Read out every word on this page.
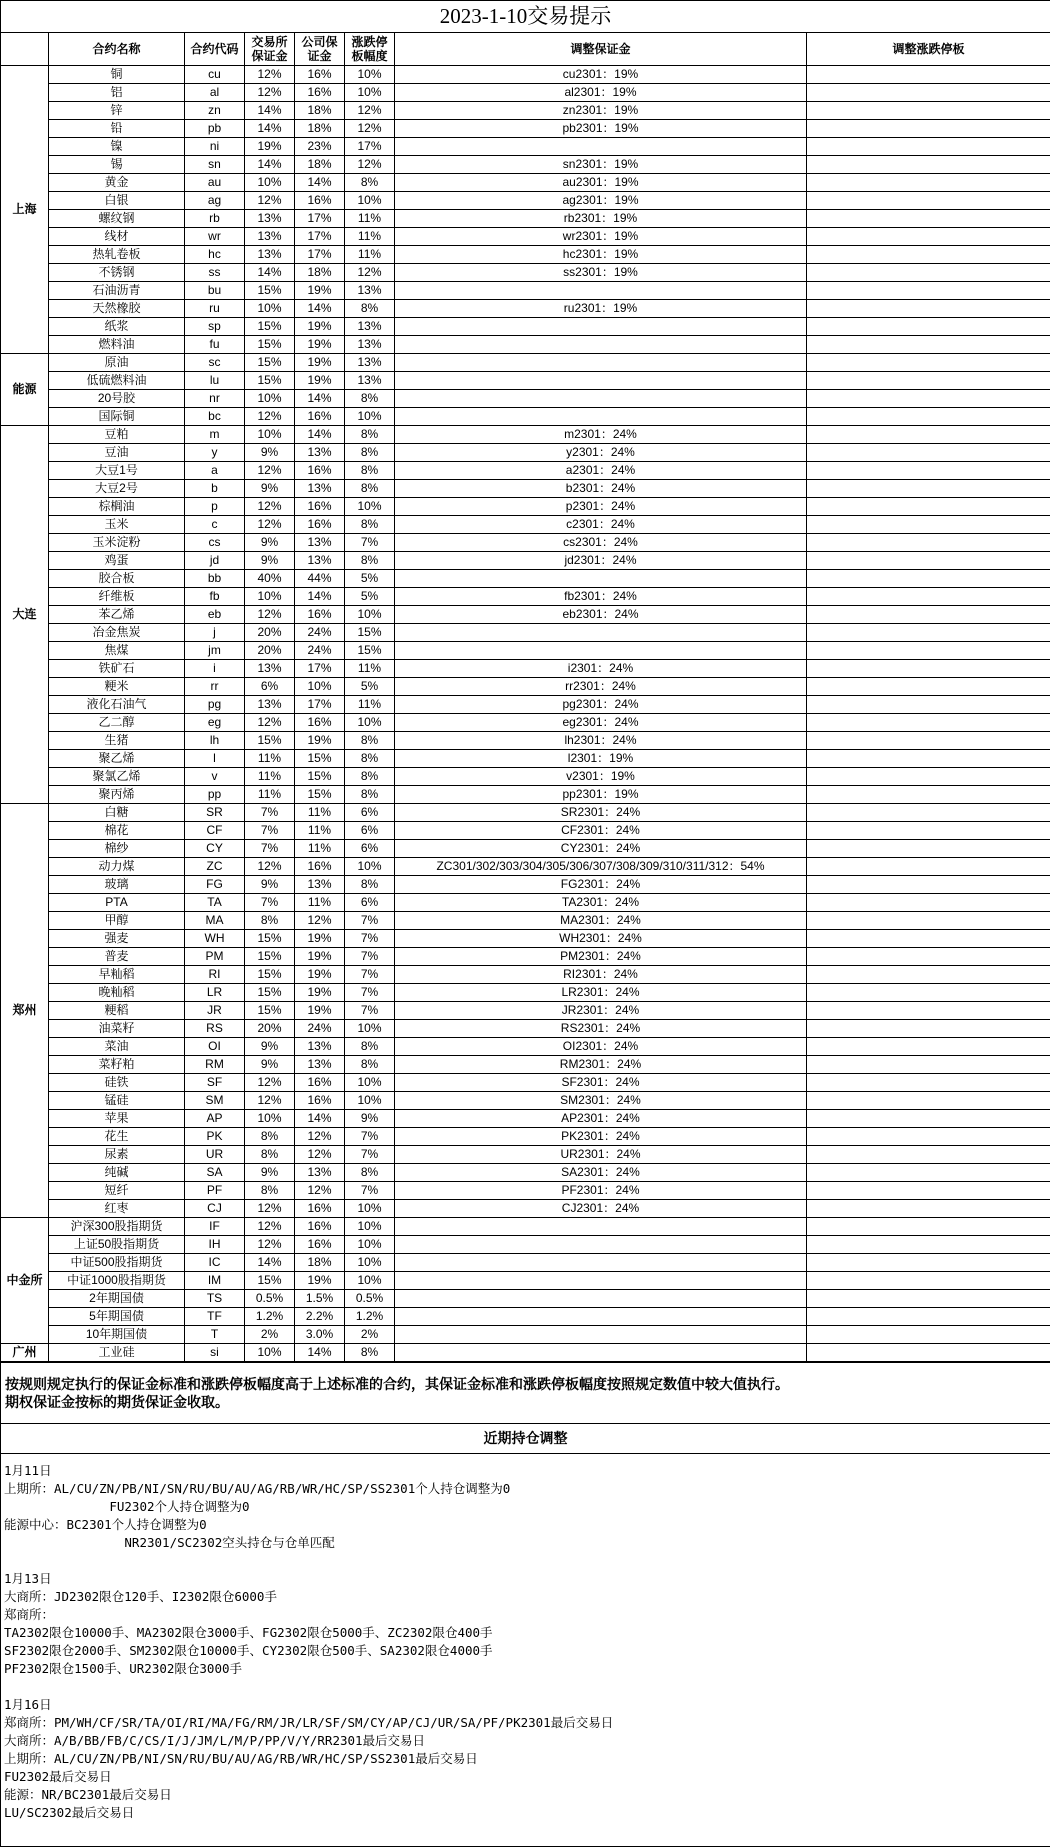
2023-1-10交易提示							
	合约名称	合约代码	交易所保证金	公司保证金	涨跌停板幅度	调整保证金	调整涨跌停板
上海	铜	cu	12%	16%	10%	cu2301：19%	
	铝	al	12%	16%	10%	al2301：19%	
	锌	zn	14%	18%	12%	zn2301：19%	
	铅	pb	14%	18%	12%	pb2301：19%	
	镍	ni	19%	23%	17%		
	锡	sn	14%	18%	12%	sn2301：19%	
	黄金	au	10%	14%	8%	au2301：19%	
	白银	ag	12%	16%	10%	ag2301：19%	
	螺纹钢	rb	13%	17%	11%	rb2301：19%	
	线材	wr	13%	17%	11%	wr2301：19%	
	热轧卷板	hc	13%	17%	11%	hc2301：19%	
	不锈钢	ss	14%	18%	12%	ss2301：19%	
	石油沥青	bu	15%	19%	13%		
	天然橡胶	ru	10%	14%	8%	ru2301：19%	
	纸浆	sp	15%	19%	13%		
	燃料油	fu	15%	19%	13%		
能源	原油	sc	15%	19%	13%		
	低硫燃料油	lu	15%	19%	13%		
	20号胶	nr	10%	14%	8%		
	国际铜	bc	12%	16%	10%		
大连	豆粕	m	10%	14%	8%	m2301：24%	
	豆油	y	9%	13%	8%	y2301：24%	
	大豆1号	a	12%	16%	8%	a2301：24%	
	大豆2号	b	9%	13%	8%	b2301：24%	
	棕榈油	p	12%	16%	10%	p2301：24%	
	玉米	c	12%	16%	8%	c2301：24%	
	玉米淀粉	cs	9%	13%	7%	cs2301：24%	
	鸡蛋	jd	9%	13%	8%	jd2301：24%	
	胶合板	bb	40%	44%	5%		
	纤维板	fb	10%	14%	5%	fb2301：24%	
	苯乙烯	eb	12%	16%	10%	eb2301：24%	
	冶金焦炭	j	20%	24%	15%		
	焦煤	jm	20%	24%	15%		
	铁矿石	i	13%	17%	11%	i2301：24%	
	粳米	rr	6%	10%	5%	rr2301：24%	
	液化石油气	pg	13%	17%	11%	pg2301：24%	
	乙二醇	eg	12%	16%	10%	eg2301：24%	
	生猪	lh	15%	19%	8%	lh2301：24%	
	聚乙烯	l	11%	15%	8%	l2301：19%	
	聚氯乙烯	v	11%	15%	8%	v2301：19%	
	聚丙烯	pp	11%	15%	8%	pp2301：19%	
郑州	白糖	SR	7%	11%	6%	SR2301：24%	
	棉花	CF	7%	11%	6%	CF2301：24%	
	棉纱	CY	7%	11%	6%	CY2301：24%	
	动力煤	ZC	12%	16%	10%	ZC301/302/303/304/305/306/307/308/309/310/311/312：54%	
	玻璃	FG	9%	13%	8%	FG2301：24%	
	PTA	TA	7%	11%	6%	TA2301：24%	
	甲醇	MA	8%	12%	7%	MA2301：24%	
	强麦	WH	15%	19%	7%	WH2301：24%	
	普麦	PM	15%	19%	7%	PM2301：24%	
	早籼稻	RI	15%	19%	7%	RI2301：24%	
	晚籼稻	LR	15%	19%	7%	LR2301：24%	
	粳稻	JR	15%	19%	7%	JR2301：24%	
	油菜籽	RS	20%	24%	10%	RS2301：24%	
	菜油	OI	9%	13%	8%	OI2301：24%	
	菜籽粕	RM	9%	13%	8%	RM2301：24%	
	硅铁	SF	12%	16%	10%	SF2301：24%	
	锰硅	SM	12%	16%	10%	SM2301：24%	
	苹果	AP	10%	14%	9%	AP2301：24%	
	花生	PK	8%	12%	7%	PK2301：24%	
	尿素	UR	8%	12%	7%	UR2301：24%	
	纯碱	SA	9%	13%	8%	SA2301：24%	
	短纤	PF	8%	12%	7%	PF2301：24%	
	红枣	CJ	12%	16%	10%	CJ2301：24%	
中金所	沪深300股指期货	IF	12%	16%	10%		
	上证50股指期货	IH	12%	16%	10%		
	中证500股指期货	IC	14%	18%	10%		
	中证1000股指期货	IM	15%	19%	10%		
	2年期国债	TS	0.5%	1.5%	0.5%		
	5年期国债	TF	1.2%	2.2%	1.2%		
	10年期国债	T	2%	3.0%	2%		
广州	工业硅	si	10%	14%	8%		
按规则规定执行的保证金标准和涨跌停板幅度高于上述标准的合约，其保证金标准和涨跌停板幅度按照规定数值中较大值执行。
期权保证金按标的期货保证金收取。

近期持仓调整

1月11日
上期所：AL/CU/ZN/PB/NI/SN/RU/BU/AU/AG/RB/WR/HC/SP/SS2301个人持仓调整为0
FU2302个人持仓调整为0
能源中心：BC2301个人持仓调整为0
NR2301/SC2302空头持仓与仓单匹配
1月13日
大商所：JD2302限仓120手、I2302限仓6000手
郑商所：
TA2302限仓10000手、MA2302限仓3000手、FG2302限仓5000手、ZC2302限仓400手
SF2302限仓2000手、SM2302限仓10000手、CY2302限仓500手、SA2302限仓4000手
PF2302限仓1500手、UR2302限仓3000手
1月16日
郑商所：PM/WH/CF/SR/TA/OI/RI/MA/FG/RM/JR/LR/SF/SM/CY/AP/CJ/UR/SA/PF/PK2301最后交易日
大商所：A/B/BB/FB/C/CS/I/J/JM/L/M/P/PP/V/Y/RR2301最后交易日
上期所：AL/CU/ZN/PB/NI/SN/RU/BU/AU/AG/RB/WR/HC/SP/SS2301最后交易日
FU2302最后交易日
能源：NR/BC2301最后交易日
LU/SC2302最后交易日
